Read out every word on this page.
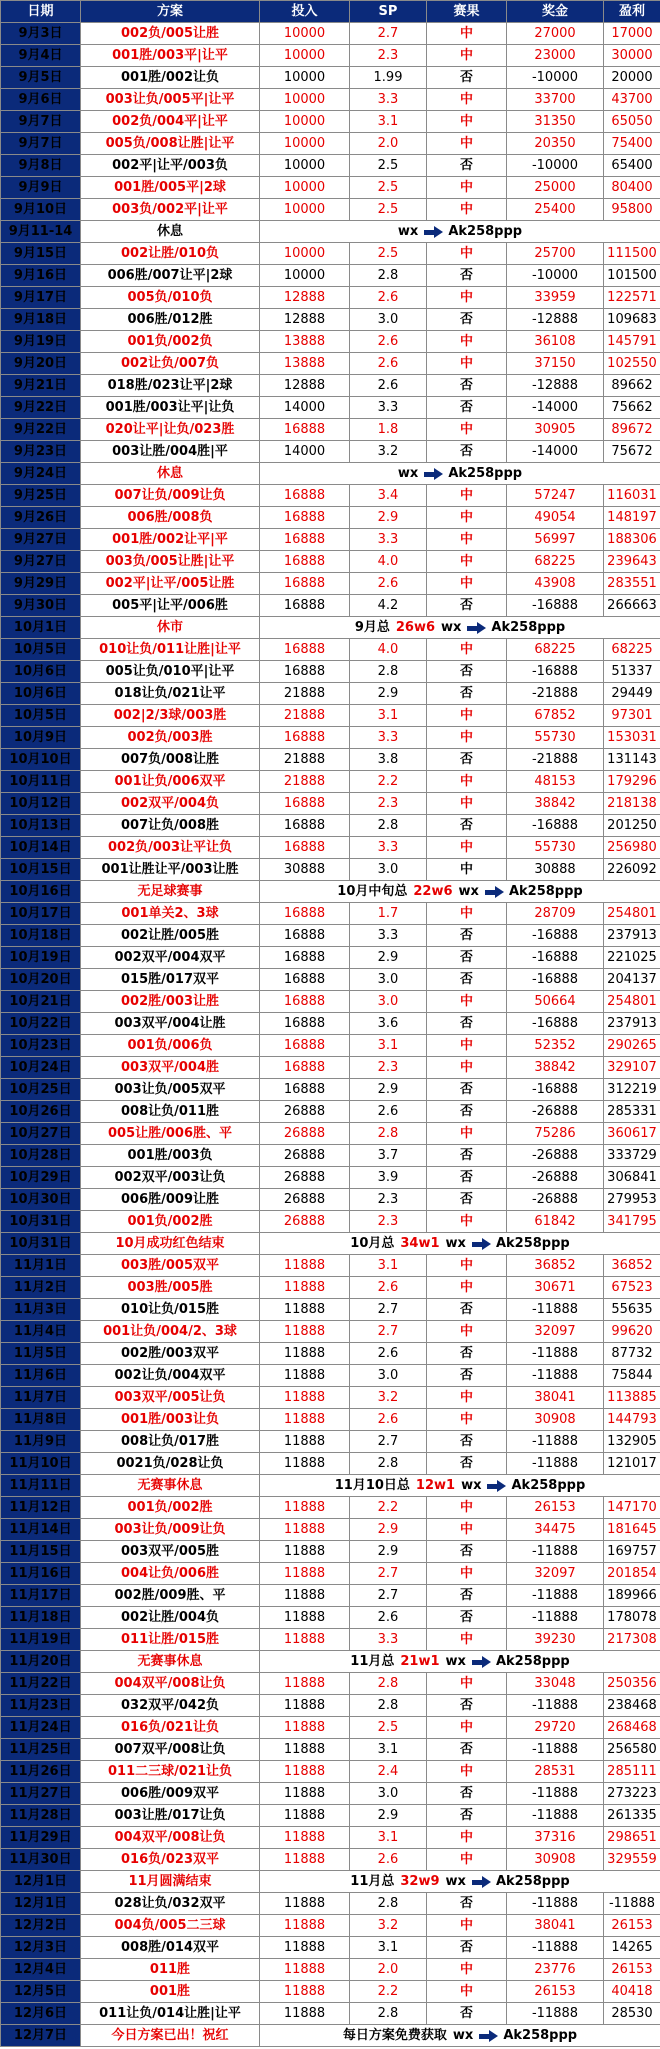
日期	方案	投入	SP	赛果	奖金	盈利
9月3日	002负/005让胜	10000	2.7	中	27000	17000
9月4日	001胜/003平|让平	10000	2.3	中	23000	30000
9月5日	001胜/002让负	10000	1.99	否	-10000	20000
9月6日	003让负/005平|让平	10000	3.3	中	33700	43700
9月7日	002负/004平|让平	10000	3.1	中	31350	65050
9月7日	005负/008让胜|让平	10000	2.0	中	20350	75400
9月8日	002平|让平/003负	10000	2.5	否	-10000	65400
9月9日	001胜/005平|2球	10000	2.5	中	25000	80400
9月10日	003负/002平|让平	10000	2.5	中	25400	95800
9月11-14	休息	wx Ak258ppp				

9月15日	002让胜/010负	10000	2.5	中	25700	111500
9月16日	006胜/007让平|2球	10000	2.8	否	-10000	101500
9月17日	005负/010负	12888	2.6	中	33959	122571
9月18日	006胜/012胜	12888	3.0	否	-12888	109683
9月19日	001负/002负	13888	2.6	中	36108	145791
9月20日	002让负/007负	13888	2.6	中	37150	102550
9月21日	018胜/023让平|2球	12888	2.6	否	-12888	89662
9月22日	001胜/003让平|让负	14000	3.3	否	-14000	75662
9月22日	020让平|让负/023胜	16888	1.8	中	30905	89672
9月23日	003让胜/004胜|平	14000	3.2	否	-14000	75672
9月24日	休息	wx Ak258ppp				

9月25日	007让负/009让负	16888	3.4	中	57247	116031
9月26日	006胜/008负	16888	2.9	中	49054	148197
9月27日	001胜/002让平|平	16888	3.3	中	56997	188306
9月27日	003负/005让胜|让平	16888	4.0	中	68225	239643
9月29日	002平|让平/005让胜	16888	2.6	中	43908	283551
9月30日	005平|让平/006胜	16888	4.2	否	-16888	266663
10月1日	休市	9月总 26w6 wx Ak258ppp				

10月5日	010让负/011让胜|让平	16888	4.0	中	68225	68225
10月6日	005让负/010平|让平	16888	2.8	否	-16888	51337
10月6日	018让负/021让平	21888	2.9	否	-21888	29449
10月5日	002|2/3球/003胜	21888	3.1	中	67852	97301
10月9日	002负/003胜	16888	3.3	中	55730	153031
10月10日	007负/008让胜	21888	3.8	否	-21888	131143
10月11日	001让负/006双平	21888	2.2	中	48153	179296
10月12日	002双平/004负	16888	2.3	中	38842	218138
10月13日	007让负/008胜	16888	2.8	否	-16888	201250
10月14日	002负/003让平让负	16888	3.3	中	55730	256980
10月15日	001让胜让平/003让胜	30888	3.0	中	30888	226092
10月16日	无足球赛事	10月中旬总 22w6 wx Ak258ppp				

10月17日	001单关2、3球	16888	1.7	中	28709	254801
10月18日	002让胜/005胜	16888	3.3	否	-16888	237913
10月19日	002双平/004双平	16888	2.9	否	-16888	221025
10月20日	015胜/017双平	16888	3.0	否	-16888	204137
10月21日	002胜/003让胜	16888	3.0	中	50664	254801
10月22日	003双平/004让胜	16888	3.6	否	-16888	237913
10月23日	001负/006负	16888	3.1	中	52352	290265
10月24日	003双平/004胜	16888	2.3	中	38842	329107
10月25日	003让负/005双平	16888	2.9	否	-16888	312219
10月26日	008让负/011胜	26888	2.6	否	-26888	285331
10月27日	005让胜/006胜、平	26888	2.8	中	75286	360617
10月28日	001胜/003负	26888	3.7	否	-26888	333729
10月29日	002双平/003让负	26888	3.9	否	-26888	306841
10月30日	006胜/009让胜	26888	2.3	否	-26888	279953
10月31日	001负/002胜	26888	2.3	中	61842	341795
10月31日	10月成功红色结束	10月总 34w1 wx Ak258ppp				

11月1日	003胜/005双平	11888	3.1	中	36852	36852
11月2日	003胜/005胜	11888	2.6	中	30671	67523
11月3日	010让负/015胜	11888	2.7	否	-11888	55635
11月4日	001让负/004/2、3球	11888	2.7	中	32097	99620
11月5日	002胜/003双平	11888	2.6	否	-11888	87732
11月6日	002让负/004双平	11888	3.0	否	-11888	75844
11月7日	003双平/005让负	11888	3.2	中	38041	113885
11月8日	001胜/003让负	11888	2.6	中	30908	144793
11月9日	008让负/017胜	11888	2.7	否	-11888	132905
11月10日	0021负/028让负	11888	2.8	否	-11888	121017
11月11日	无赛事休息	11月10日总 12w1 wx Ak258ppp				

11月12日	001负/002胜	11888	2.2	中	26153	147170
11月14日	003让负/009让负	11888	2.9	中	34475	181645
11月15日	003双平/005胜	11888	2.9	否	-11888	169757
11月16日	004让负/006胜	11888	2.7	中	32097	201854
11月17日	002胜/009胜、平	11888	2.7	否	-11888	189966
11月18日	002让胜/004负	11888	2.6	否	-11888	178078
11月19日	011让胜/015胜	11888	3.3	中	39230	217308
11月20日	无赛事休息	11月总 21w1 wx Ak258ppp				

11月22日	004双平/008让负	11888	2.8	中	33048	250356
11月23日	032双平/042负	11888	2.8	否	-11888	238468
11月24日	016负/021让负	11888	2.5	中	29720	268468
11月25日	007双平/008让负	11888	3.1	否	-11888	256580
11月26日	011二三球/021让负	11888	2.4	中	28531	285111
11月27日	006胜/009双平	11888	3.0	否	-11888	273223
11月28日	003让胜/017让负	11888	2.9	否	-11888	261335
11月29日	004双平/008让负	11888	3.1	中	37316	298651
11月30日	016负/023双平	11888	2.6	中	30908	329559
12月1日	11月圆满结束	11月总 32w9 wx Ak258ppp				

12月1日	028让负/032双平	11888	2.8	否	-11888	-11888
12月2日	004负/005二三球	11888	3.2	中	38041	26153
12月3日	008胜/014双平	11888	3.1	否	-11888	14265
12月4日	011胜	11888	2.0	中	23776	26153
12月5日	001胜	11888	2.2	中	26153	40418
12月6日	011让负/014让胜|让平	11888	2.8	否	-11888	28530
12月7日	今日方案已出！祝红	每日方案免费获取 wx Ak258ppp				
